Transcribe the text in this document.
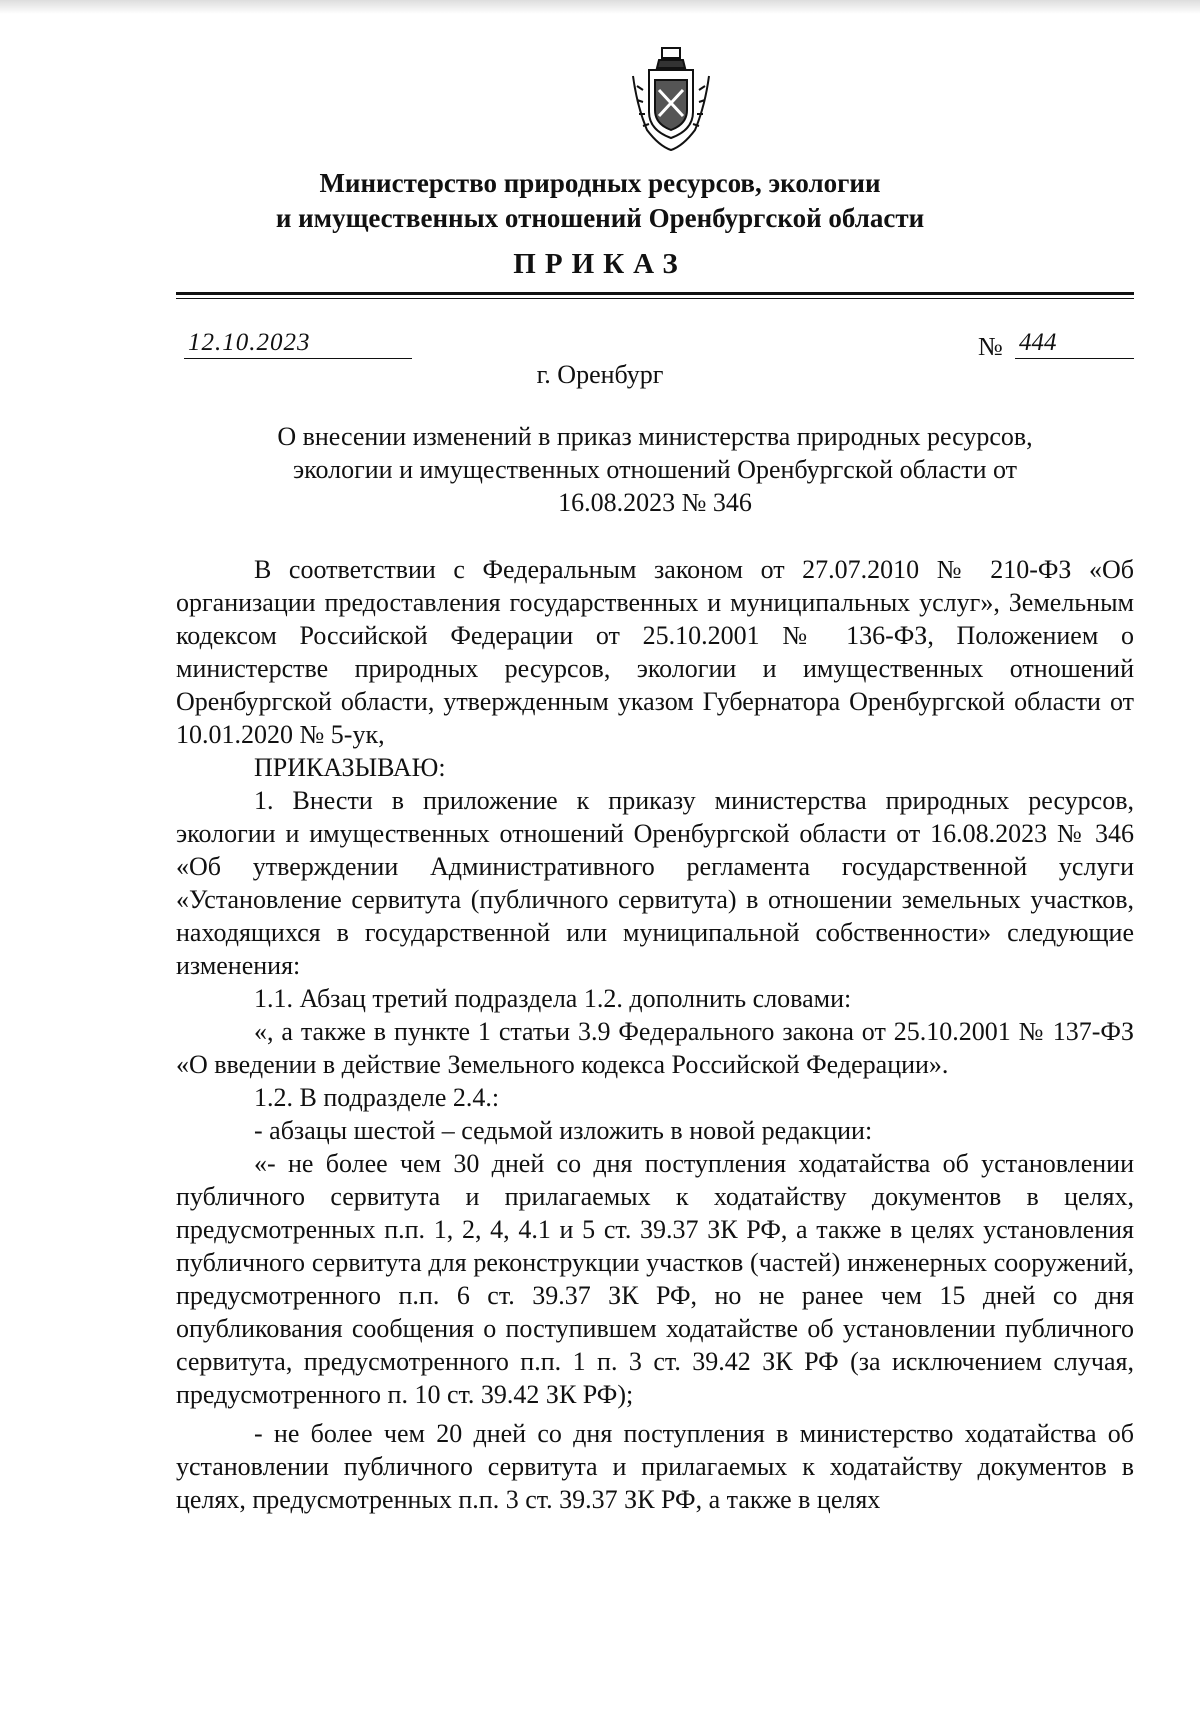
Министерство природных ресурсов, экологии
и имущественных отношений Оренбургской области
ПРИКАЗ
12.10.2023	№ 444
г. Оренбург
О внесении изменений в приказ министерства природных ресурсов,
экологии и имущественных отношений Оренбургской области от
16.08.2023 № 346

В соответствии с Федеральным законом от 27.07.2010 № 210-ФЗ «Об организации предоставления государственных и муниципальных услуг», Земельным кодексом Российской Федерации от 25.10.2001 № 136-ФЗ, Положением о министерстве природных ресурсов, экологии и имущественных отношений Оренбургской области, утвержденным указом Губернатора Оренбургской области от 10.01.2020 № 5-ук,

ПРИКАЗЫВАЮ:

1. Внести в приложение к приказу министерства природных ресурсов, экологии и имущественных отношений Оренбургской области от 16.08.2023 № 346 «Об утверждении Административного регламента государственной услуги «Установление сервитута (публичного сервитута) в отношении земельных участков, находящихся в государственной или муниципальной собственности» следующие изменения:

1.1. Абзац третий подраздела 1.2. дополнить словами:

«, а также в пункте 1 статьи 3.9 Федерального закона от 25.10.2001 № 137-ФЗ «О введении в действие Земельного кодекса Российской Федерации».

1.2. В подразделе 2.4.:

- абзацы шестой – седьмой изложить в новой редакции:

«- не более чем 30 дней со дня поступления ходатайства об установлении публичного сервитута и прилагаемых к ходатайству документов в целях, предусмотренных п.п. 1, 2, 4, 4.1 и 5 ст. 39.37 ЗК РФ, а также в целях установления публичного сервитута для реконструкции участков (частей) инженерных сооружений, предусмотренного п.п. 6 ст. 39.37 ЗК РФ, но не ранее чем 15 дней со дня опубликования сообщения о поступившем ходатайстве об установлении публичного сервитута, предусмотренного п.п. 1 п. 3 ст. 39.42 ЗК РФ (за исключением случая, предусмотренного п. 10 ст. 39.42 ЗК РФ);

- не более чем 20 дней со дня поступления в министерство ходатайства об установлении публичного сервитута и прилагаемых к ходатайству документов в целях, предусмотренных п.п. 3 ст. 39.37 ЗК РФ, а также в целях
